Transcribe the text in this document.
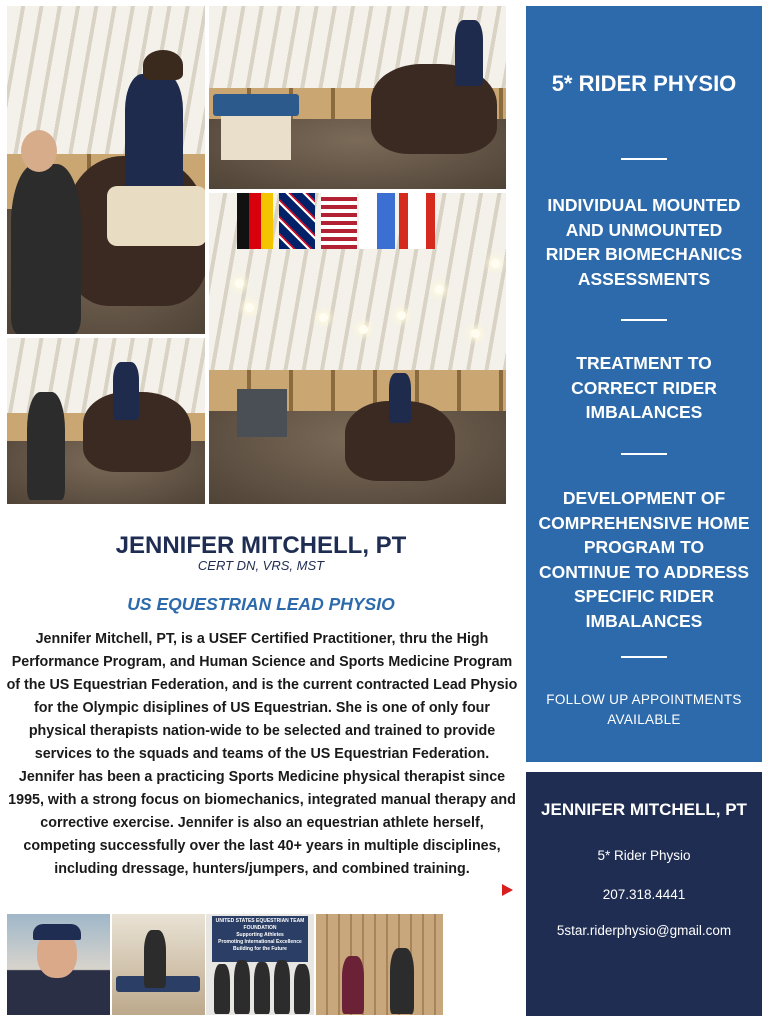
UNITED STATES EQUESTRIAN TEAM FOUNDATION
Supporting Athletes
Promoting International Excellence
Building for the Future
JENNIFER MITCHELL, PT
CERT DN, VRS, MST
US EQUESTRIAN LEAD PHYSIO
Jennifer Mitchell, PT, is a USEF Certified Practitioner, thru the High Performance Program, and Human Science and Sports Medicine Program of the US Equestrian Federation, and is the current contracted Lead Physio for the Olympic disiplines of US Equestrian. She is one of only four physical therapists nation-wide to be selected and trained to provide services to the squads and teams of the US Equestrian Federation. Jennifer has been a practicing Sports Medicine physical therapist since 1995, with a strong focus on biomechanics, integrated manual therapy and corrective exercise. Jennifer is also an equestrian athlete herself, competing successfully over the last 40+ years in multiple disciplines, including dressage, hunters/jumpers, and combined training.
5* RIDER PHYSIO
INDIVIDUAL MOUNTED AND UNMOUNTED RIDER BIOMECHANICS ASSESSMENTS
TREATMENT TO CORRECT RIDER IMBALANCES
DEVELOPMENT OF COMPREHENSIVE HOME PROGRAM TO CONTINUE TO ADDRESS SPECIFIC RIDER IMBALANCES
FOLLOW UP APPOINTMENTS AVAILABLE
JENNIFER MITCHELL, PT
5* Rider Physio
207.318.4441
5star.riderphysio@gmail.com
